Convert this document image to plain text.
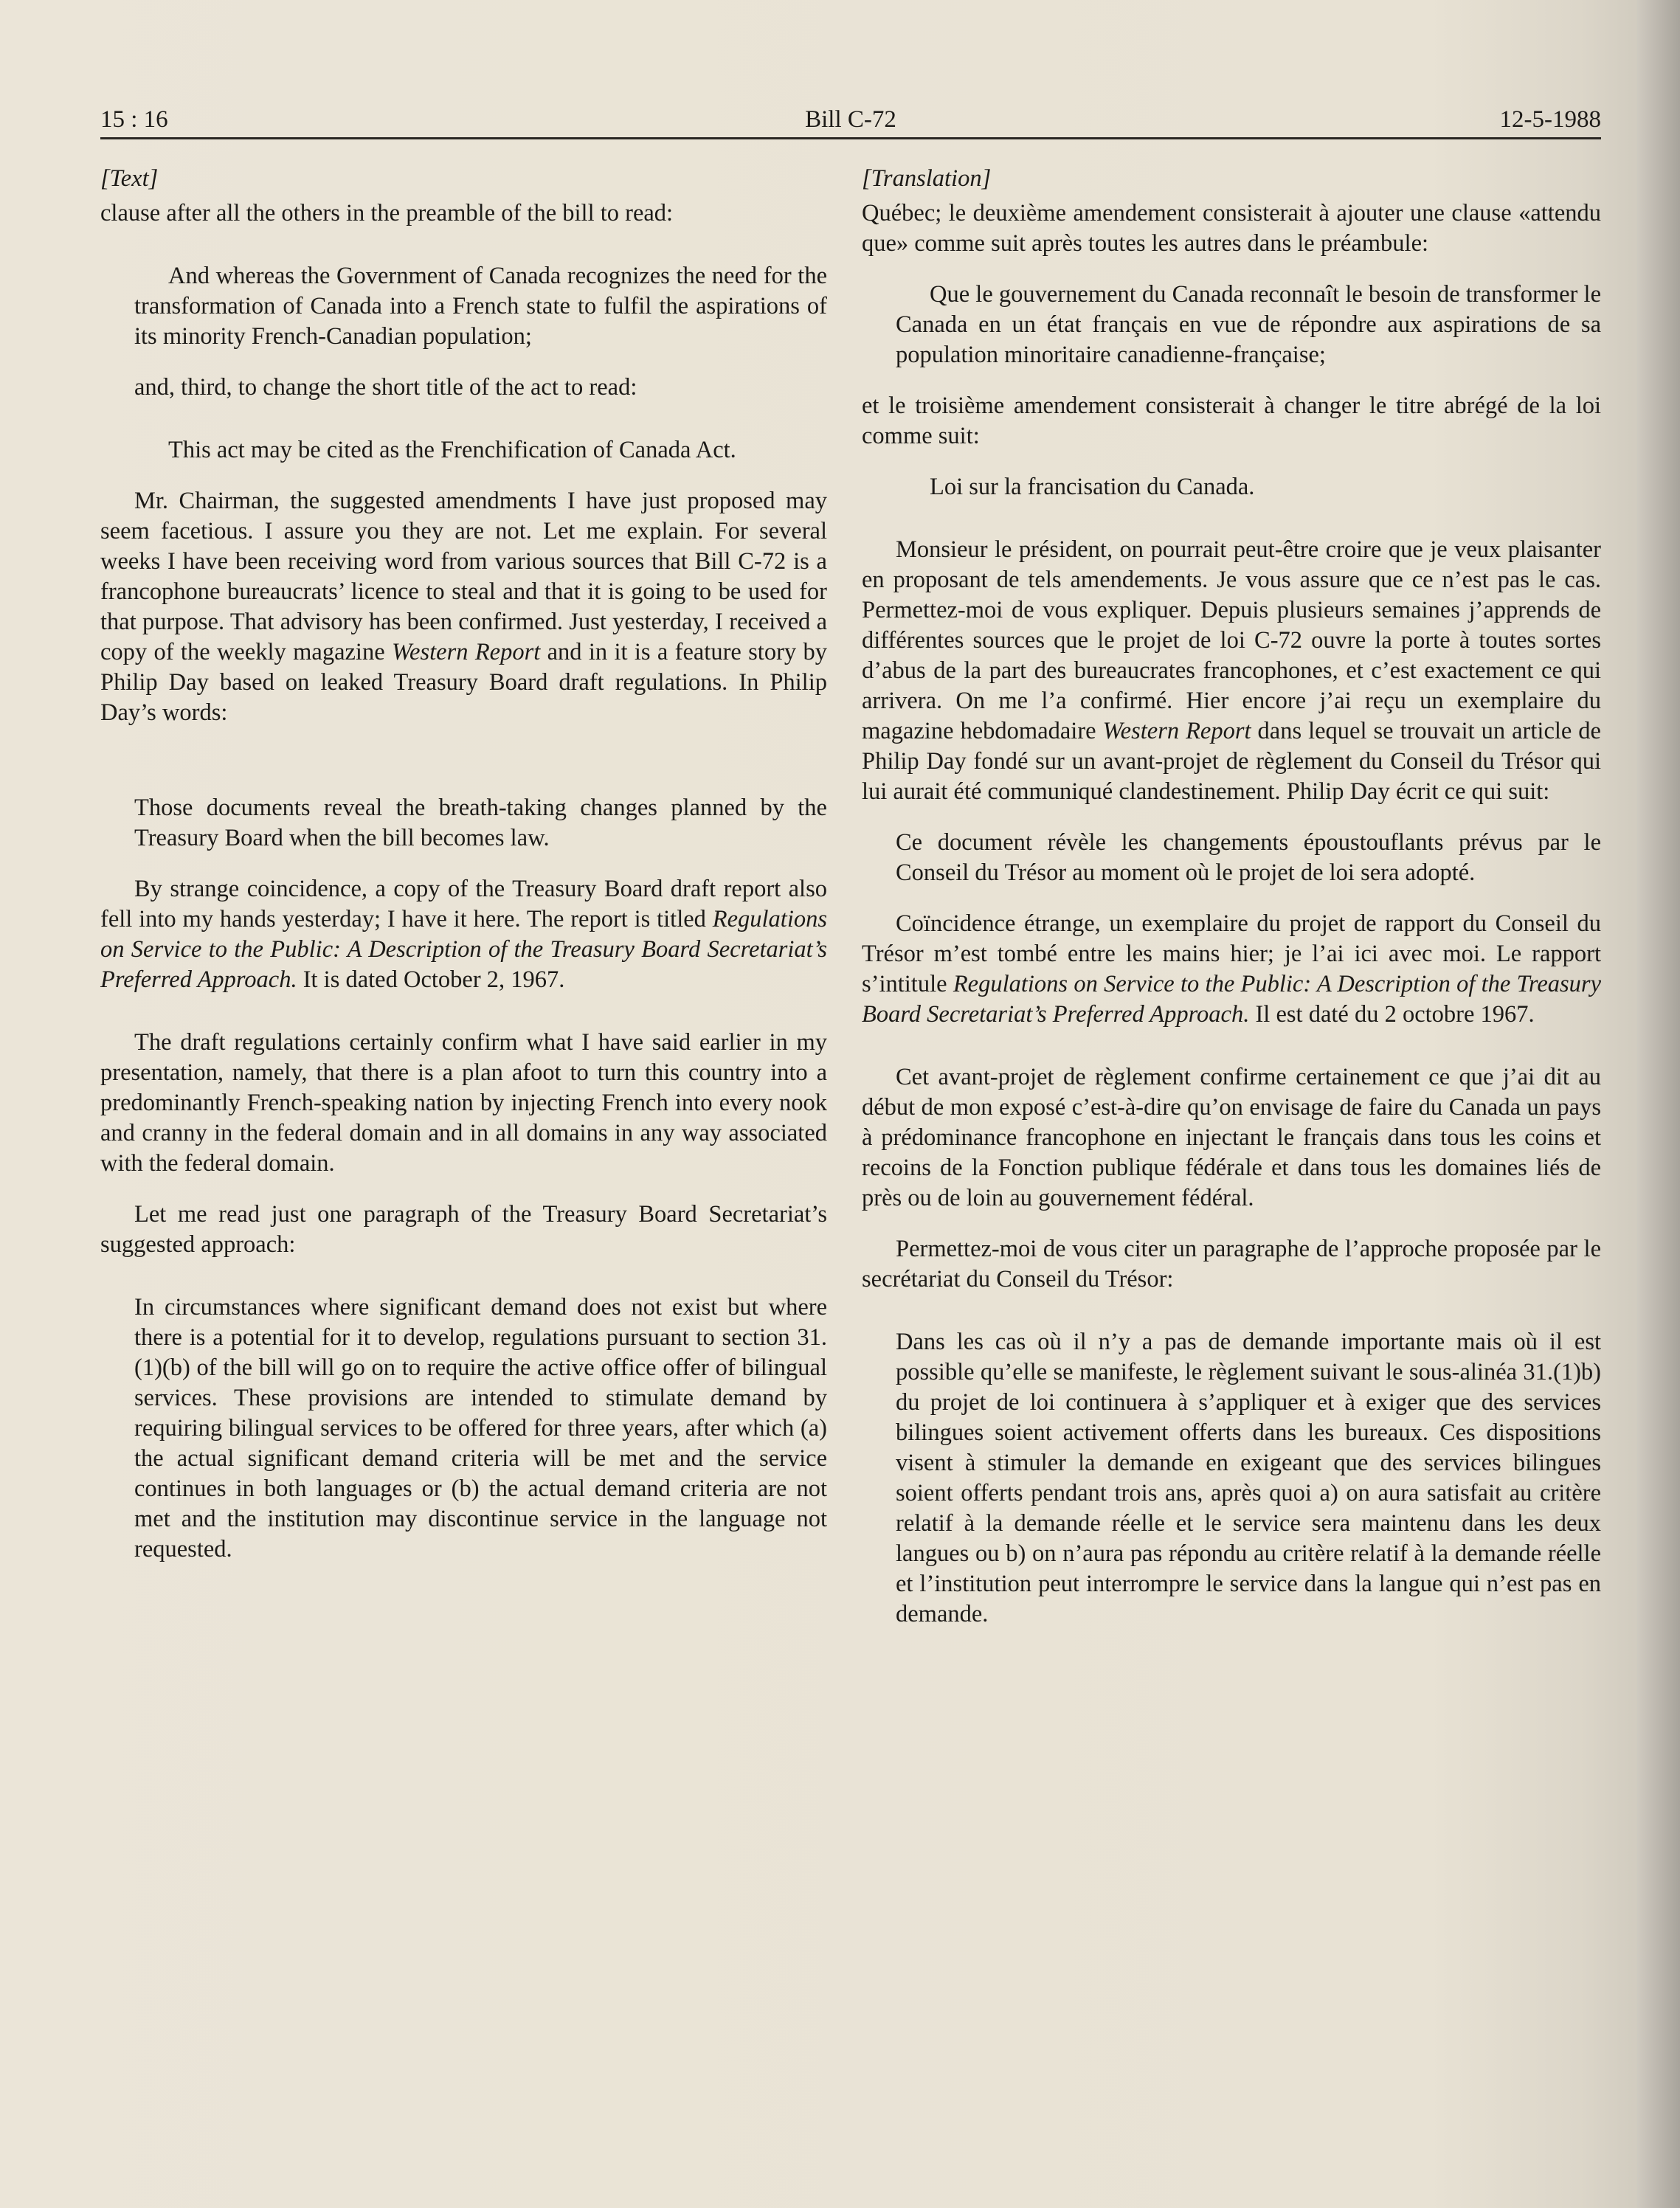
15 : 16	Bill C-72	12-5-1988

[Text]

clause after all the others in the preamble of the bill to read:

And whereas the Government of Canada recognizes the need for the transformation of Canada into a French state to fulfil the aspirations of its minority French-Canadian population;

and, third, to change the short title of the act to read:

This act may be cited as the Frenchification of Canada Act.

Mr. Chairman, the suggested amendments I have just proposed may seem facetious. I assure you they are not. Let me explain. For several weeks I have been receiving word from various sources that Bill C-72 is a francophone bureaucrats’ licence to steal and that it is going to be used for that purpose. That advisory has been confirmed. Just yesterday, I received a copy of the weekly magazine Western Report and in it is a feature story by Philip Day based on leaked Treasury Board draft regulations. In Philip Day’s words:

Those documents reveal the breath-taking changes planned by the Treasury Board when the bill becomes law.

By strange coincidence, a copy of the Treasury Board draft report also fell into my hands yesterday; I have it here. The report is titled Regulations on Service to the Public: A Description of the Treasury Board Secretariat’s Preferred Approach. It is dated October 2, 1967.

The draft regulations certainly confirm what I have said earlier in my presentation, namely, that there is a plan afoot to turn this country into a predominantly French-speaking nation by injecting French into every nook and cranny in the federal domain and in all domains in any way associated with the federal domain.

Let me read just one paragraph of the Treasury Board Secretariat’s suggested approach:

In circumstances where significant demand does not exist but where there is a potential for it to develop, regulations pursuant to section 31.(1)(b) of the bill will go on to require the active office offer of bilingual services. These provisions are intended to stimulate demand by requiring bilingual services to be offered for three years, after which (a) the actual significant demand criteria will be met and the service continues in both languages or (b) the actual demand criteria are not met and the institution may discontinue service in the language not requested.

[Translation]

Québec; le deuxième amendement consisterait à ajouter une clause «attendu que» comme suit après toutes les autres dans le préambule:

Que le gouvernement du Canada reconnaît le besoin de transformer le Canada en un état français en vue de répondre aux aspirations de sa population minoritaire canadienne-française;

et le troisième amendement consisterait à changer le titre abrégé de la loi comme suit:

Loi sur la francisation du Canada.

Monsieur le président, on pourrait peut-être croire que je veux plaisanter en proposant de tels amendements. Je vous assure que ce n’est pas le cas. Permettez-moi de vous expliquer. Depuis plusieurs semaines j’apprends de différentes sources que le projet de loi C-72 ouvre la porte à toutes sortes d’abus de la part des bureaucrates francophones, et c’est exactement ce qui arrivera. On me l’a confirmé. Hier encore j’ai reçu un exemplaire du magazine hebdomadaire Western Report dans lequel se trouvait un article de Philip Day fondé sur un avant-projet de règlement du Conseil du Trésor qui lui aurait été communiqué clandestinement. Philip Day écrit ce qui suit:

Ce document révèle les changements époustouflants prévus par le Conseil du Trésor au moment où le projet de loi sera adopté.

Coïncidence étrange, un exemplaire du projet de rapport du Conseil du Trésor m’est tombé entre les mains hier; je l’ai ici avec moi. Le rapport s’intitule Regulations on Service to the Public: A Description of the Treasury Board Secretariat’s Preferred Approach. Il est daté du 2 octobre 1967.

Cet avant-projet de règlement confirme certainement ce que j’ai dit au début de mon exposé c’est-à-dire qu’on envisage de faire du Canada un pays à prédominance francophone en injectant le français dans tous les coins et recoins de la Fonction publique fédérale et dans tous les domaines liés de près ou de loin au gouvernement fédéral.

Permettez-moi de vous citer un paragraphe de l’approche proposée par le secrétariat du Conseil du Trésor:

Dans les cas où il n’y a pas de demande importante mais où il est possible qu’elle se manifeste, le règlement suivant le sous-alinéa 31.(1)b) du projet de loi continuera à s’appliquer et à exiger que des services bilingues soient activement offerts dans les bureaux. Ces dispositions visent à stimuler la demande en exigeant que des services bilingues soient offerts pendant trois ans, après quoi a) on aura satisfait au critère relatif à la demande réelle et le service sera maintenu dans les deux langues ou b) on n’aura pas répondu au critère relatif à la demande réelle et l’institution peut interrompre le service dans la langue qui n’est pas en demande.
